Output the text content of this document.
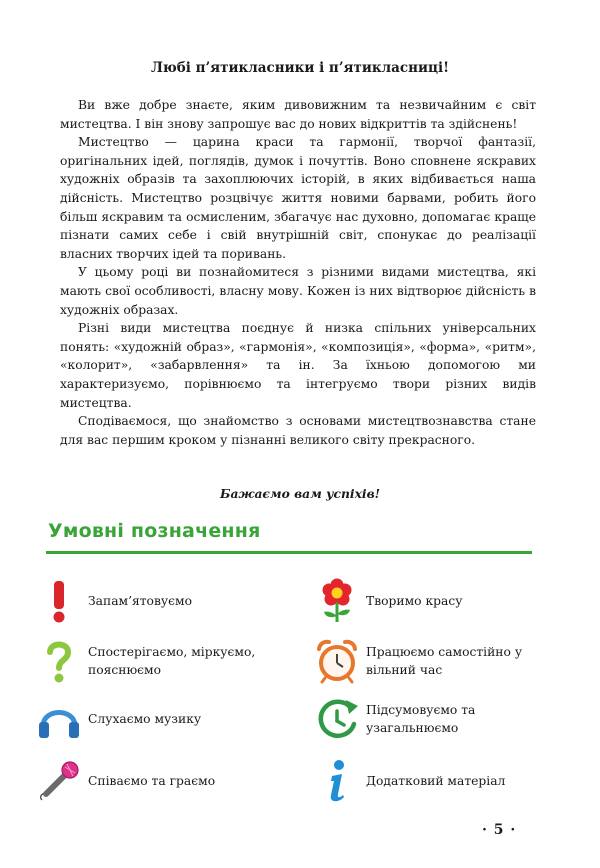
Любі п’ятикласники і п’ятикласниці!

Ви вже добре знаєте, яким дивовижним та незвичайним є світ мистецтва. І він знову запрошує вас до нових відкриттів та здійснень!

Мистецтво — царина краси та гармонії, творчої фантазії, оригінальних ідей, поглядів, думок і почуттів. Воно сповнене яскравих художніх образів та захоплюючих історій, в яких відбивається наша дійсність. Мистецтво розцвічує життя новими барвами, робить його більш яскравим та осмисленим, збагачує нас духовно, допомагає краще пізнати самих себе і свій внутрішній світ, спонукає до реалізації власних творчих ідей та поривань.

У цьому році ви познайомитеся з різними видами мистецтва, які мають свої особливості, власну мову. Кожен із них відтворює дійсність в художніх образах.

Різні види мистецтва поєднує й низка спільних універсальних понять: «художній образ», «гармонія», «композиція», «форма», «ритм», «колорит», «забарвлення» та ін. За їхньою допомогою ми характеризуємо, порівнюємо та інтегруємо твори різних видів мистецтва.

Сподіваємося, що знайомство з основами мистецтвознавства стане для вас першим кроком у пізнанні великого світу прекрасного.

Бажаємо вам успіхів!
Умовні позначення
Запам’ятовуємо
Спостерігаємо, міркуємо, пояснюємо
Слухаємо музику
Співаємо та граємо
Творимо красу
Працюємо самостійно у вільний час
Підсумовуємо та узагальнюємо
Додатковий матеріал
· 5 ·
